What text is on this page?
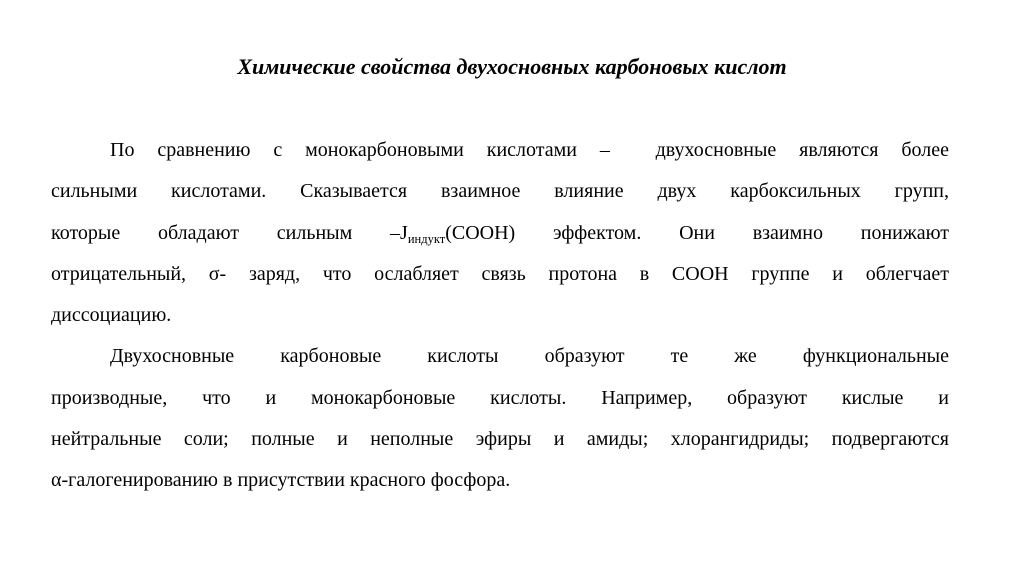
Химические свойства двухосновных карбоновых кислот
По сравнению с монокарбоновыми кислотами –  двухосновные являются более
сильными кислотами. Сказывается взаимное влияние двух карбоксильных групп,
которые обладают сильным $-J_{индукт}(COOH)$ эффектом. Они взаимно понижают
отрицательный, σ- заряд, что ослабляет связь протона в COOH группе и облегчает
диссоциацию.
Двухосновные карбоновые кислоты образуют те же функциональные
производные, что и монокарбоновые кислоты. Например, образуют кислые и
нейтральные соли; полные и неполные эфиры и амиды; хлорангидриды; подвергаются
α-галогенированию в присутствии красного фосфора.
